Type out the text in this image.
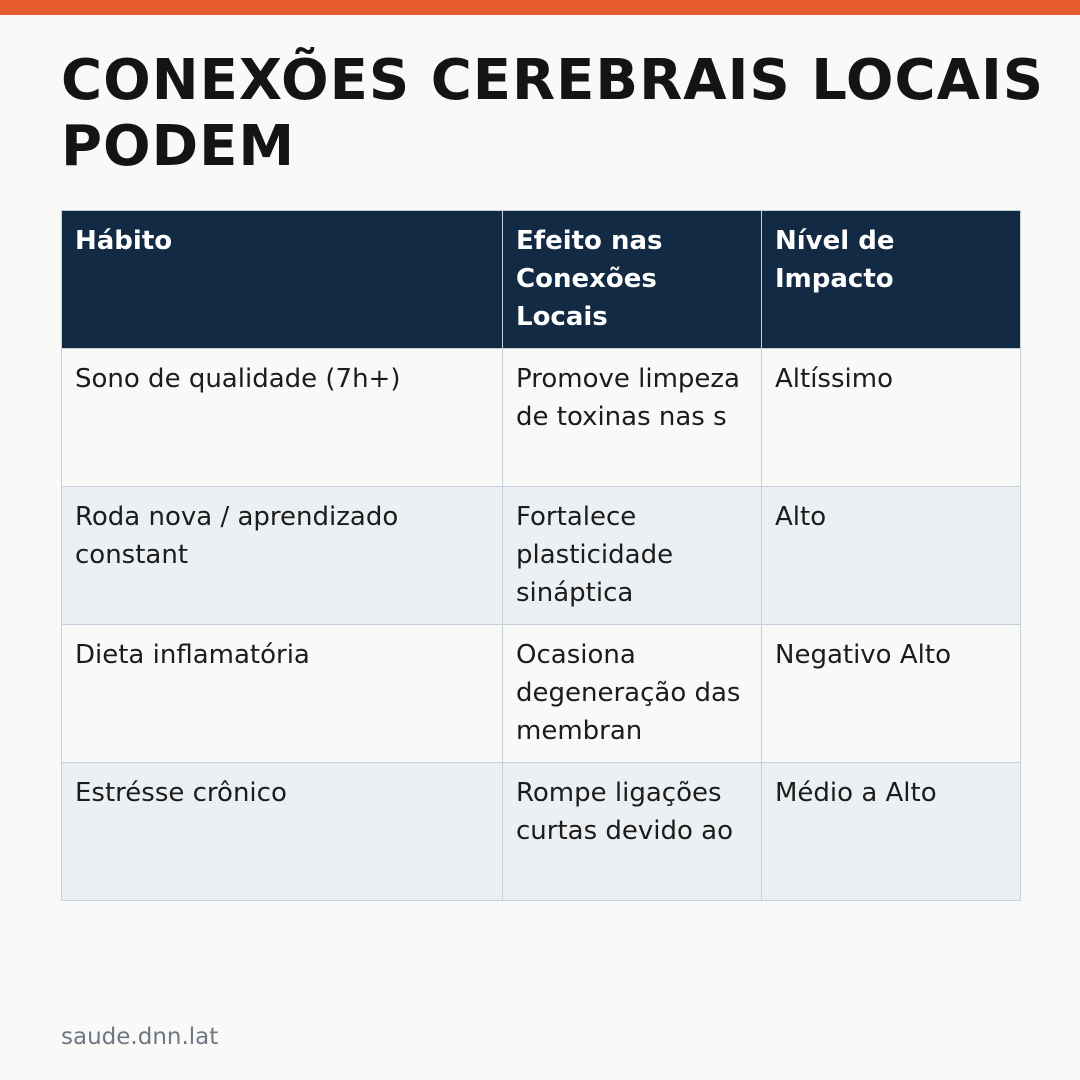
CONEXÕES CEREBRAIS LOCAIS PODEM
Hábito	Efeito nas Conexões Locais	Nível de Impacto
Sono de qualidade (7h+)	Promove limpeza de toxinas nas s	Altíssimo
Roda nova / aprendizado constant	Fortalece plasticidade sináptica	Alto
Dieta inflamatória	Ocasiona degeneração das membran	Negativo Alto
Estrésse crônico	Rompe ligações curtas devido ao	Médio a Alto
saude.dnn.lat
